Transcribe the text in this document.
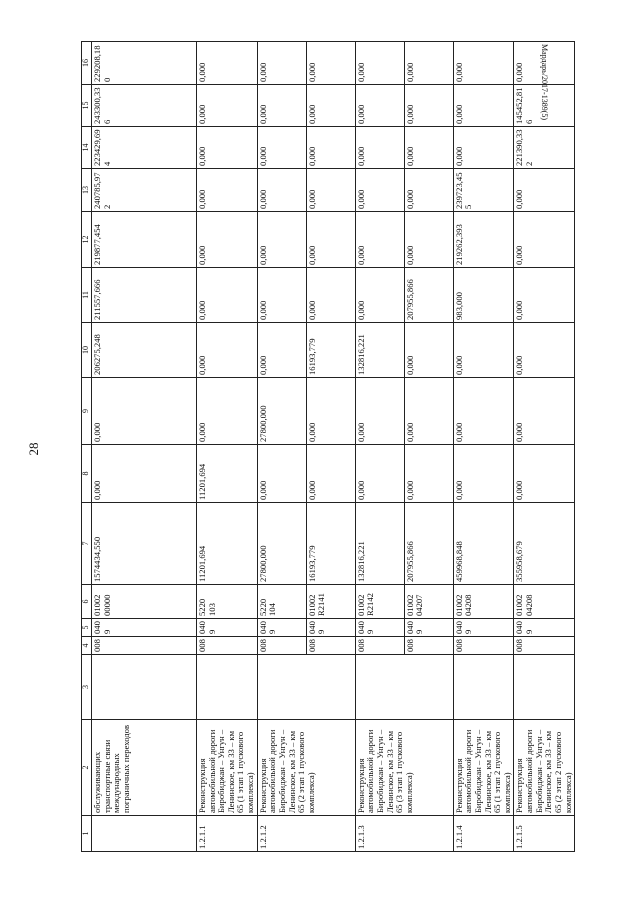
28
Мардарь/2017-1389(5)
1	2	3	4	5	6	7	8	9	10	11	12	13	14	15	16
	обслуживающих транспортные связи международных пограничных переходов		008	0409	01002 00000	1574434,550	0,000	0,000	206275,248	211557,666	219877,454	240785,972	223429,694	243300,336	229208,180
1.2.1.1	Реконструкция автомобильной дороги Биробиджан – Унгун – Ленинское, км 33 – км 65 (1 этап 1 пускового комплекса)		008	0409	5220 103	11201,694	11201,694	0,000	0,000	0,000	0,000	0,000	0,000	0,000	0,000
1.2.1.2	Реконструкция автомобильной дороги Биробиджан – Унгун – Ленинское, км 33 – км 65 (2 этап 1 пускового комплекса)		008	0409	5220 104	27800,000	0,000	27800,000	0,000	0,000	0,000	0,000	0,000	0,000	0,000
			008	0409	01002 R2141	16193,779	0,000	0,000	16193,779	0,000	0,000	0,000	0,000	0,000	0,000
1.2.1.3	Реконструкция автомобильной дороги Биробиджан – Унгун – Ленинское, км 33 – км 65 (3 этап 1 пускового комплекса)		008	0409	01002 R2142	132816,221	0,000	0,000	132816,221	0,000	0,000	0,000	0,000	0,000	0,000
			008	0409	01002 04207	207955,866	0,000	0,000	0,000	207955,866	0,000	0,000	0,000	0,000	0,000
1.2.1.4	Реконструкция автомобильной дороги Биробиджан – Унгун – Ленинское, км 33 – км 65 (1 этап 2 пускового комплекса)		008	0409	01002 04208	459968,848	0,000	0,000	0,000	983,000	219262,393	239723,455	0,000	0,000	0,000
1.2.1.5	Реконструкция автомобильной дороги Биробиджан – Унгун – Ленинское, км 33 – км 65 (2 этап 2 пускового комплекса)		008	0409	01002 04208	355958,679	0,000	0,000	0,000	0,000	0,000	0,000	221390,332	145452,816	0,000
